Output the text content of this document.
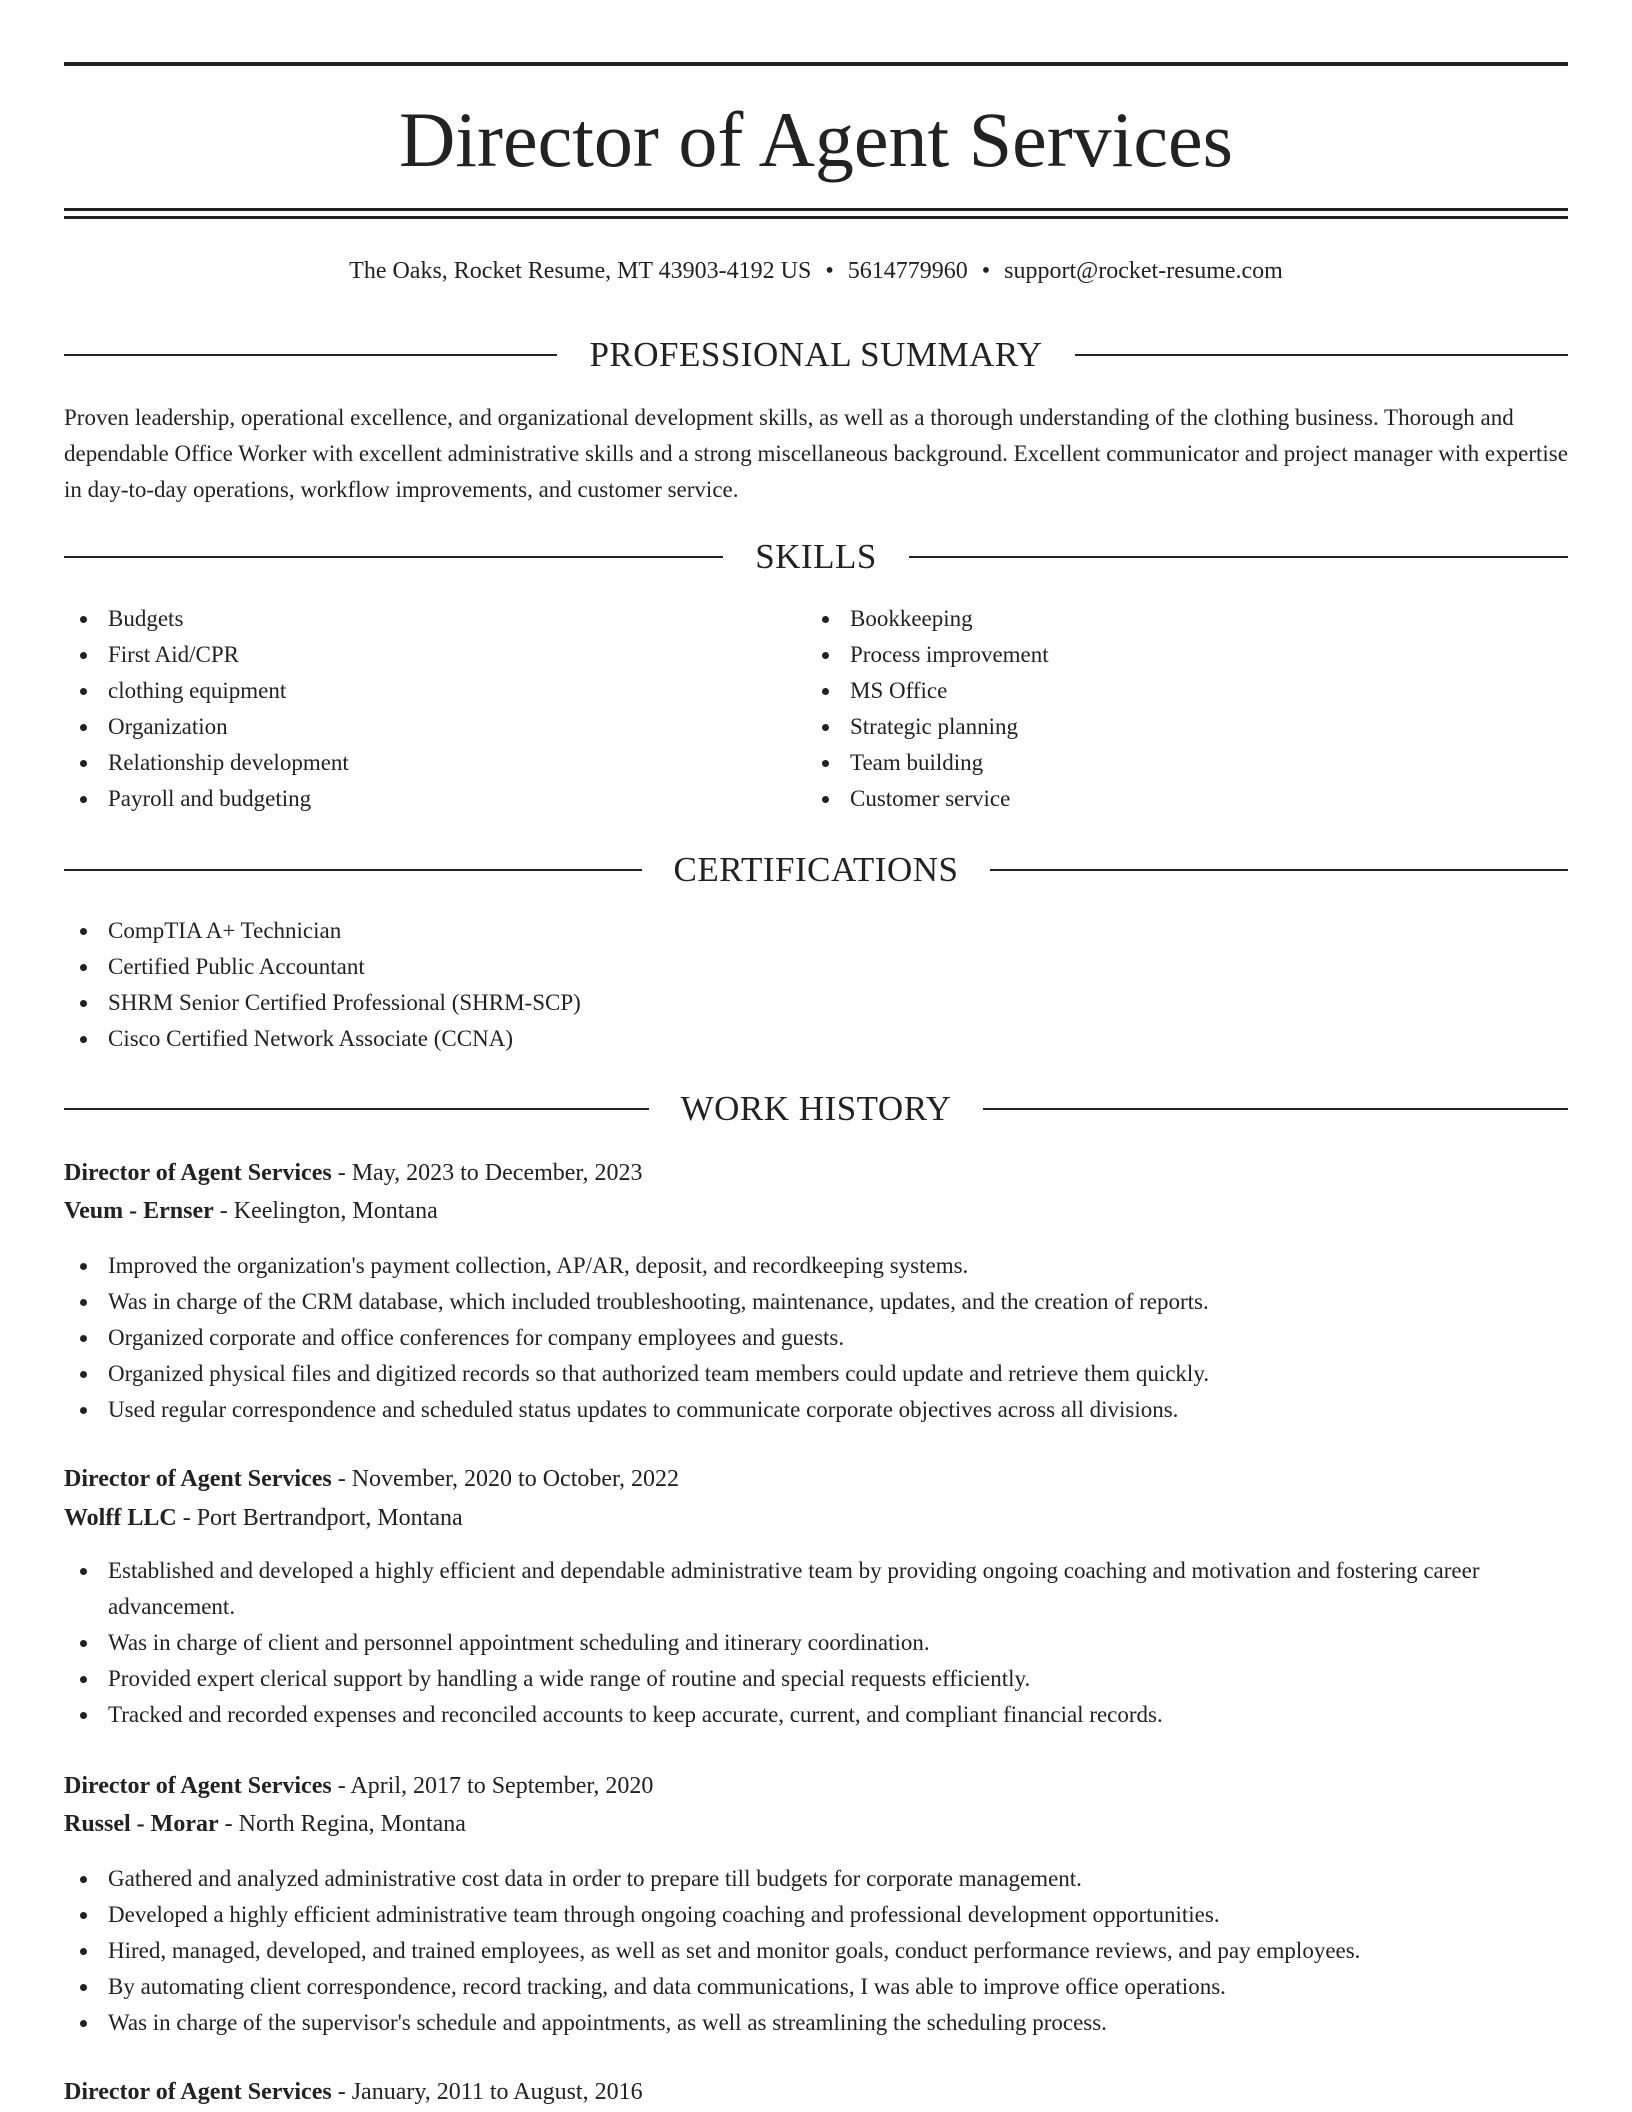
Director of Agent Services
The Oaks, Rocket Resume, MT 43903-4192 US • 5614779960 • support@rocket-resume.com
PROFESSIONAL SUMMARY

Proven leadership, operational excellence, and organizational development skills, as well as a thorough understanding of the clothing business. Thorough and dependable Office Worker with excellent administrative skills and a strong miscellaneous background. Excellent communicator and project manager with expertise in day-to-day operations, workflow improvements, and customer service.

SKILLS
Budgets
First Aid/CPR
clothing equipment
Organization
Relationship development
Payroll and budgeting
Bookkeeping
Process improvement
MS Office
Strategic planning
Team building
Customer service
CERTIFICATIONS
CompTIA A+ Technician
Certified Public Accountant
SHRM Senior Certified Professional (SHRM-SCP)
Cisco Certified Network Associate (CCNA)
WORK HISTORY
Director of Agent Services - May, 2023 to December, 2023
Veum - Ernser - Keelington, Montana
Improved the organization's payment collection, AP/AR, deposit, and recordkeeping systems.
Was in charge of the CRM database, which included troubleshooting, maintenance, updates, and the creation of reports.
Organized corporate and office conferences for company employees and guests.
Organized physical files and digitized records so that authorized team members could update and retrieve them quickly.
Used regular correspondence and scheduled status updates to communicate corporate objectives across all divisions.
Director of Agent Services - November, 2020 to October, 2022
Wolff LLC - Port Bertrandport, Montana
Established and developed a highly efficient and dependable administrative team by providing ongoing coaching and motivation and fostering career advancement.
Was in charge of client and personnel appointment scheduling and itinerary coordination.
Provided expert clerical support by handling a wide range of routine and special requests efficiently.
Tracked and recorded expenses and reconciled accounts to keep accurate, current, and compliant financial records.
Director of Agent Services - April, 2017 to September, 2020
Russel - Morar - North Regina, Montana
Gathered and analyzed administrative cost data in order to prepare till budgets for corporate management.
Developed a highly efficient administrative team through ongoing coaching and professional development opportunities.
Hired, managed, developed, and trained employees, as well as set and monitor goals, conduct performance reviews, and pay employees.
By automating client correspondence, record tracking, and data communications, I was able to improve office operations.
Was in charge of the supervisor's schedule and appointments, as well as streamlining the scheduling process.
Director of Agent Services - January, 2011 to August, 2016
